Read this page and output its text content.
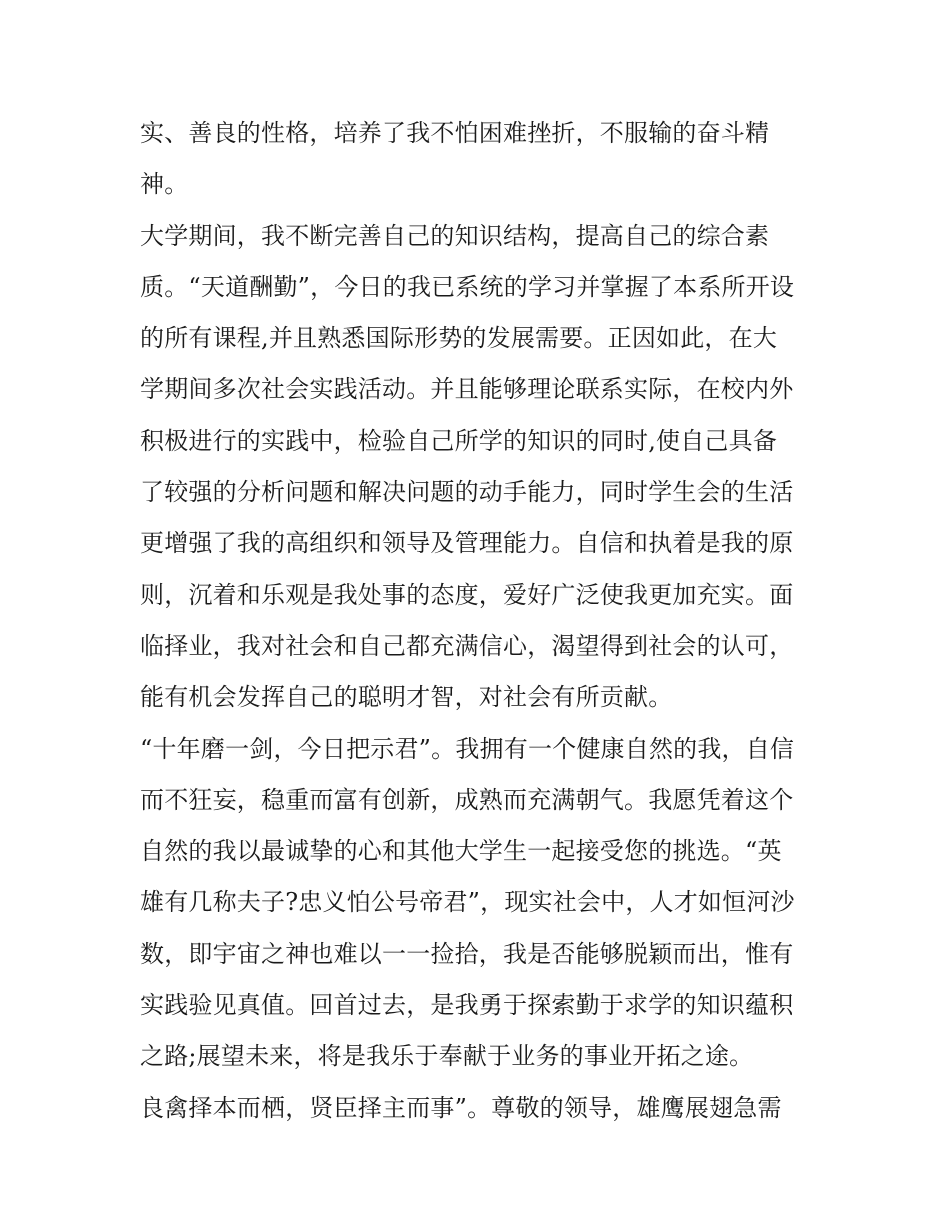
实、善良的性格，培养了我不怕困难挫折，不服输的奋斗精
神。
大学期间，我不断完善自己的知识结构，提高自己的综合素
质。“天道酬勤”，今日的我已系统的学习并掌握了本系所开设
的所有课程,并且熟悉国际形势的发展需要。正因如此，在大
学期间多次社会实践活动。并且能够理论联系实际，在校内外
积极进行的实践中，检验自己所学的知识的同时,使自己具备
了较强的分析问题和解决问题的动手能力，同时学生会的生活
更增强了我的高组织和领导及管理能力。自信和执着是我的原
则，沉着和乐观是我处事的态度，爱好广泛使我更加充实。面
临择业，我对社会和自己都充满信心，渴望得到社会的认可，
能有机会发挥自己的聪明才智，对社会有所贡献。
“十年磨一剑，今日把示君”。我拥有一个健康自然的我，自信
而不狂妄，稳重而富有创新，成熟而充满朝气。我愿凭着这个
自然的我以最诚挚的心和其他大学生一起接受您的挑选。“英
雄有几称夫子?忠义怕公号帝君”，现实社会中，人才如恒河沙
数，即宇宙之神也难以一一捡拾，我是否能够脱颖而出，惟有
实践验见真值。回首过去，是我勇于探索勤于求学的知识蕴积
之路;展望未来，将是我乐于奉献于业务的事业开拓之途。
良禽择本而栖，贤臣择主而事”。尊敬的领导，雄鹰展翅急需
